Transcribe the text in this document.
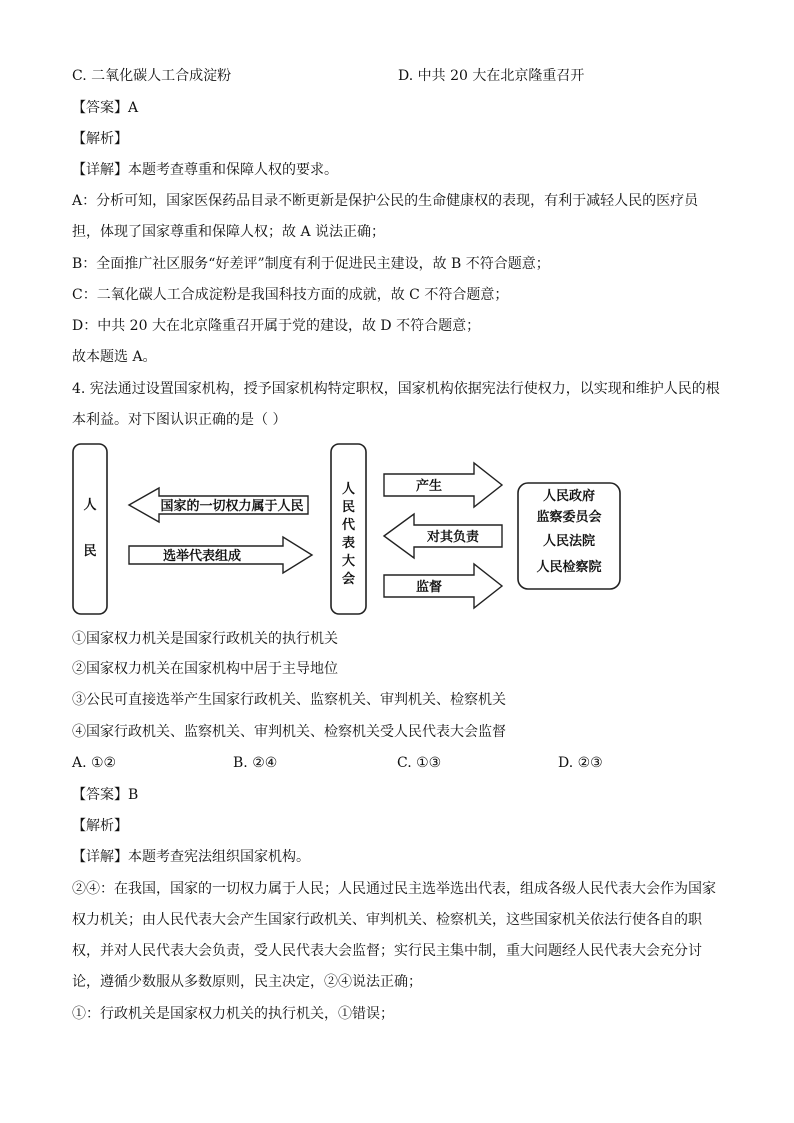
C. 二氧化碳人工合成淀粉	D. 中共 20 大在北京隆重召开
【答案】A
【解析】
【详解】本题考查尊重和保障人权的要求。
A：分析可知，国家医保药品目录不断更新是保护公民的生命健康权的表现，有利于减轻人民的医疗员
担，体现了国家尊重和保障人权；故 A 说法正确；
B：全面推广社区服务“好差评”制度有利于促进民主建设，故 B 不符合题意；
C：二氧化碳人工合成淀粉是我国科技方面的成就，故 C 不符合题意；
D：中共 20 大在北京隆重召开属于党的建设，故 D 不符合题意；
故本题选 A。
4. 宪法通过设置国家机构，授予国家机构特定职权，国家机构依据宪法行使权力，以实现和维护人民的根
本利益。对下图认识正确的是（ ）
人
民
国家的一切权力属于人民
选举代表组成
人
民
代
表
大
会
产生
对其负责
监督
人民政府
监察委员会
人民法院
人民检察院
①国家权力机关是国家行政机关的执行机关
②国家权力机关在国家机构中居于主导地位
③公民可直接选举产生国家行政机关、监察机关、审判机关、检察机关
④国家行政机关、监察机关、审判机关、检察机关受人民代表大会监督
A. ①②	B. ②④	C. ①③	D. ②③
【答案】B
【解析】
【详解】本题考查宪法组织国家机构。
②④：在我国，国家的一切权力属于人民；人民通过民主选举选出代表，组成各级人民代表大会作为国家
权力机关；由人民代表大会产生国家行政机关、审判机关、检察机关，这些国家机关依法行使各自的职
权，并对人民代表大会负责，受人民代表大会监督；实行民主集中制，重大问题经人民代表大会充分讨
论，遵循少数服从多数原则，民主决定，②④说法正确；
①：行政机关是国家权力机关的执行机关，①错误；
